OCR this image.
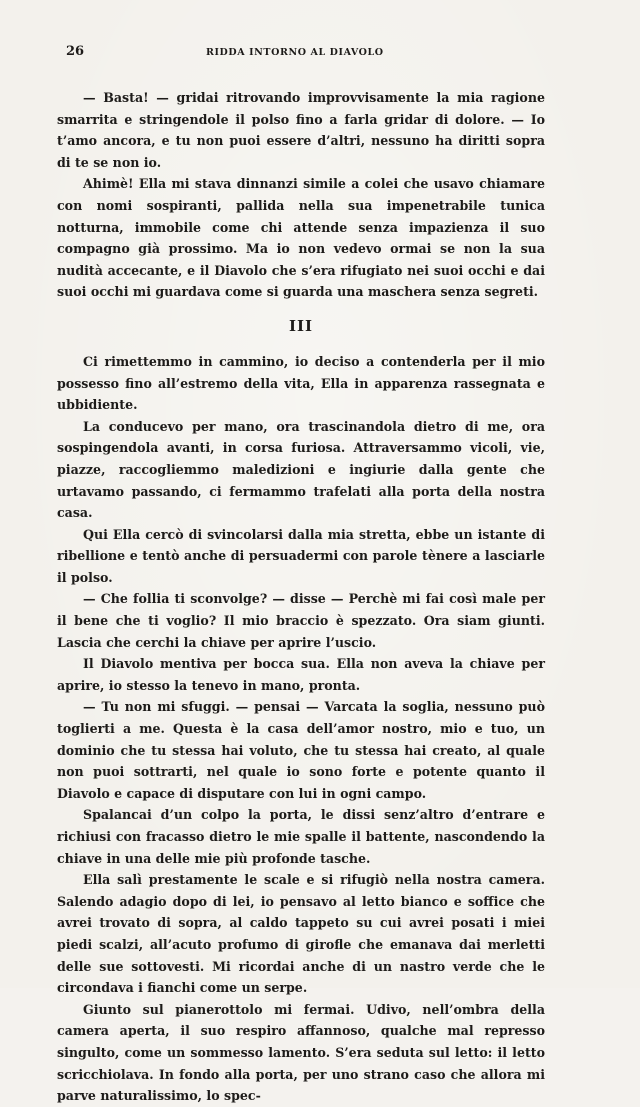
26	RIDDA INTORNO AL DIAVOLO

— Basta! — gridai ritrovando improvvisamente la mia ragione smarrita e stringendole il polso fino a farla gridar di dolore. — Io t’amo ancora, e tu non puoi essere d’altri, nessuno ha diritti sopra di te se non io.

Ahimè! Ella mi stava dinnanzi simile a colei che usavo chiamare con nomi sospiranti, pallida nella sua impenetrabile tunica notturna, immobile come chi attende senza impazienza il suo compagno già prossimo. Ma io non vedevo ormai se non la sua nudità accecante, e il Diavolo che s’era rifugiato nei suoi occhi e dai suoi occhi mi guardava come si guarda una maschera senza segreti.

III

Ci rimettemmo in cammino, io deciso a contenderla per il mio possesso fino all’estremo della vita, Ella in apparenza rassegnata e ubbidiente.

La conducevo per mano, ora trascinandola dietro di me, ora sospingendola avanti, in corsa furiosa. Attraversammo vicoli, vie, piazze, raccogliemmo maledizioni e ingiurie dalla gente che urtavamo passando, ci fermammo trafelati alla porta della nostra casa.

Qui Ella cercò di svincolarsi dalla mia stretta, ebbe un istante di ribellione e tentò anche di persuadermi con parole tènere a lasciarle il polso.

— Che follia ti sconvolge? — disse — Perchè mi fai così male per il bene che ti voglio? Il mio braccio è spezzato. Ora siam giunti. Lascia che cerchi la chiave per aprire l’uscio.

Il Diavolo mentiva per bocca sua. Ella non aveva la chiave per aprire, io stesso la tenevo in mano, pronta.

— Tu non mi sfuggi. — pensai — Varcata la soglia, nessuno può toglierti a me. Questa è la casa dell’amor nostro, mio e tuo, un dominio che tu stessa hai voluto, che tu stessa hai creato, al quale non puoi sottrarti, nel quale io sono forte e potente quanto il Diavolo e capace di disputare con lui in ogni campo.

Spalancai d’un colpo la porta, le dissi senz’altro d’entrare e richiusi con fracasso dietro le mie spalle il battente, nascondendo la chiave in una delle mie più profonde tasche.

Ella salì prestamente le scale e si rifugiò nella nostra camera. Salendo adagio dopo di lei, io pensavo al letto bianco e soffice che avrei trovato di sopra, al caldo tappeto su cui avrei posati i miei piedi scalzi, all’acuto profumo di girofle che emanava dai merletti delle sue sottovesti. Mi ricordai anche di un nastro verde che le circondava i fianchi come un serpe.

Giunto sul pianerottolo mi fermai. Udivo, nell’ombra della camera aperta, il suo respiro affannoso, qualche mal represso singulto, come un sommesso lamento. S’era seduta sul letto: il letto scricchiolava. In fondo alla porta, per uno strano caso che allora mi parve naturalissimo, lo spec-
